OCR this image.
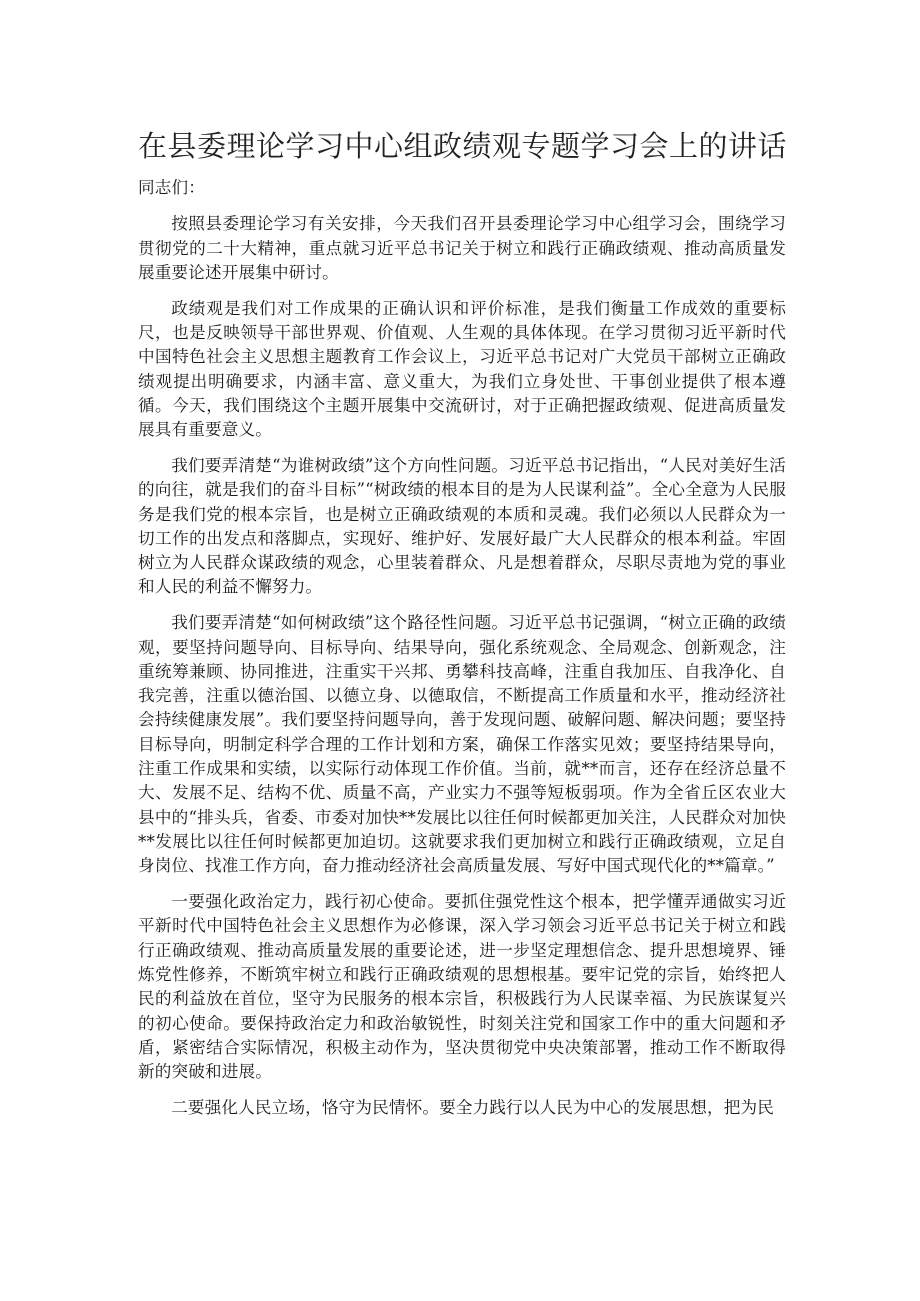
在县委理论学习中心组政绩观专题学习会上的讲话

同志们：

按照县委理论学习有关安排，今天我们召开县委理论学习中心组学习会，围绕学习贯彻党的二十大精神，重点就习近平总书记关于树立和践行正确政绩观、推动高质量发展重要论述开展集中研讨。

政绩观是我们对工作成果的正确认识和评价标准，是我们衡量工作成效的重要标尺，也是反映领导干部世界观、价值观、人生观的具体体现。在学习贯彻习近平新时代中国特色社会主义思想主题教育工作会议上，习近平总书记对广大党员干部树立正确政绩观提出明确要求，内涵丰富、意义重大，为我们立身处世、干事创业提供了根本遵循。今天，我们围绕这个主题开展集中交流研讨，对于正确把握政绩观、促进高质量发展具有重要意义。

我们要弄清楚“为谁树政绩”这个方向性问题。习近平总书记指出，“人民对美好生活的向往，就是我们的奋斗目标”“树政绩的根本目的是为人民谋利益”。全心全意为人民服务是我们党的根本宗旨，也是树立正确政绩观的本质和灵魂。我们必须以人民群众为一切工作的出发点和落脚点，实现好、维护好、发展好最广大人民群众的根本利益。牢固树立为人民群众谋政绩的观念，心里装着群众、凡是想着群众，尽职尽责地为党的事业和人民的利益不懈努力。

我们要弄清楚“如何树政绩”这个路径性问题。习近平总书记强调，“树立正确的政绩观，要坚持问题导向、目标导向、结果导向，强化系统观念、全局观念、创新观念，注重统筹兼顾、协同推进，注重实干兴邦、勇攀科技高峰，注重自我加压、自我净化、自我完善，注重以德治国、以德立身、以德取信，不断提高工作质量和水平，推动经济社会持续健康发展”。我们要坚持问题导向，善于发现问题、破解问题、解决问题；要坚持目标导向，明制定科学合理的工作计划和方案，确保工作落实见效；要坚持结果导向，注重工作成果和实绩，以实际行动体现工作价值。当前，就**而言，还存在经济总量不大、发展不足、结构不优、质量不高，产业实力不强等短板弱项。作为全省丘区农业大县中的“排头兵，省委、市委对加快**发展比以往任何时候都更加关注，人民群众对加快**发展比以往任何时候都更加迫切。这就要求我们更加树立和践行正确政绩观，立足自身岗位、找准工作方向，奋力推动经济社会高质量发展、写好中国式现代化的**篇章。”

一要强化政治定力，践行初心使命。要抓住强党性这个根本，把学懂弄通做实习近平新时代中国特色社会主义思想作为必修课，深入学习领会习近平总书记关于树立和践行正确政绩观、推动高质量发展的重要论述，进一步坚定理想信念、提升思想境界、锤炼党性修养，不断筑牢树立和践行正确政绩观的思想根基。要牢记党的宗旨，始终把人民的利益放在首位，坚守为民服务的根本宗旨，积极践行为人民谋幸福、为民族谋复兴的初心使命。要保持政治定力和政治敏锐性，时刻关注党和国家工作中的重大问题和矛盾，紧密结合实际情况，积极主动作为，坚决贯彻党中央决策部署，推动工作不断取得新的突破和进展。

二要强化人民立场，恪守为民情怀。要全力践行以人民为中心的发展思想，把为民
